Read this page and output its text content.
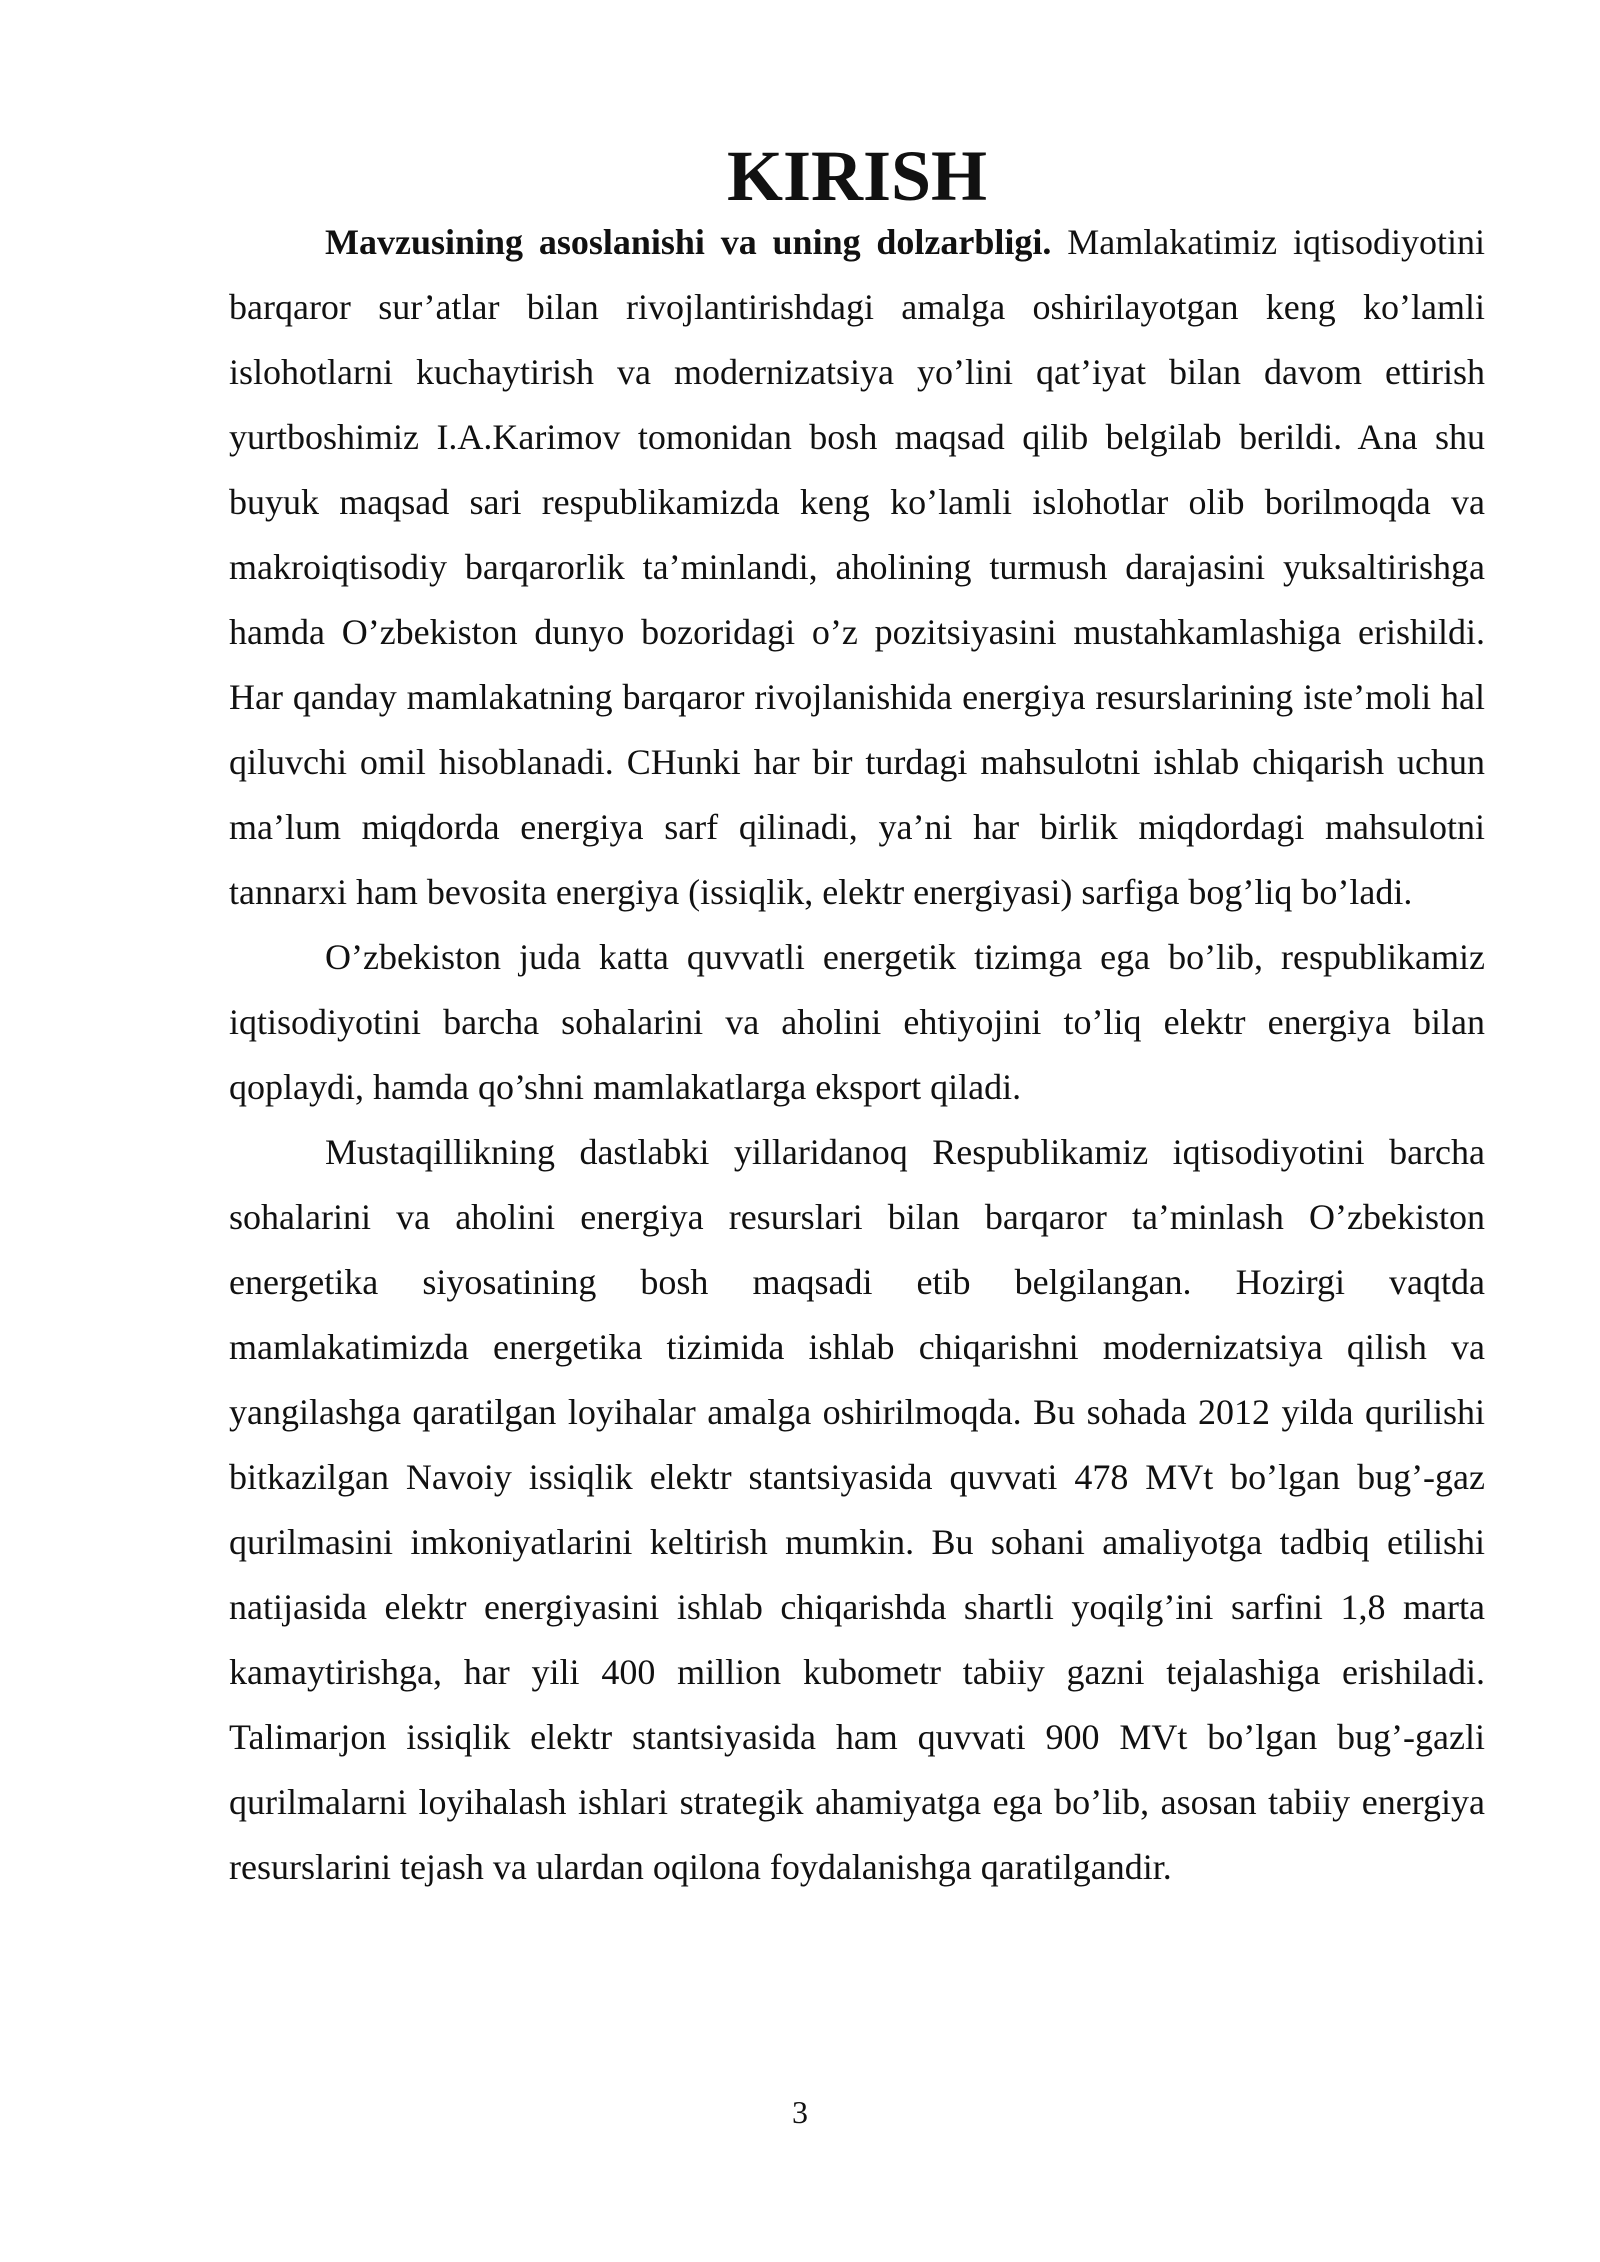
KIRISH

Mavzusining asoslanishi va uning dolzarbligi. Mamlakatimiz iqtisodiyotini barqaror sur’atlar bilan rivojlantirishdagi amalga oshirilayotgan keng ko’lamli islohotlarni kuchaytirish va modernizatsiya yo’lini qat’iyat bilan davom ettirish yurtboshimiz I.A.Karimov tomonidan bosh maqsad qilib belgilab berildi. Ana shu buyuk maqsad sari respublikamizda keng ko’lamli islohotlar olib borilmoqda va makroiqtisodiy barqarorlik ta’minlandi, aholining turmush darajasini yuksaltirishga hamda O’zbekiston dunyo bozoridagi o’z pozitsiyasini mustahkamlashiga erishildi. Har qanday mamlakatning barqaror rivojlanishida energiya resurslarining iste’moli hal qiluvchi omil hisoblanadi. CHunki har bir turdagi mahsulotni ishlab chiqarish uchun ma’lum miqdorda energiya sarf qilinadi, ya’ni har birlik miqdordagi mahsulotni tannarxi ham bevosita energiya (issiqlik, elektr energiyasi) sarfiga bog’liq bo’ladi.

O’zbekiston juda katta quvvatli energetik tizimga ega bo’lib, respublikamiz iqtisodiyotini barcha sohalarini va aholini ehtiyojini to’liq elektr energiya bilan qoplaydi, hamda qo’shni mamlakatlarga eksport qiladi.

Mustaqillikning dastlabki yillaridanoq Respublikamiz iqtisodiyotini barcha sohalarini va aholini energiya resurslari bilan barqaror ta’minlash O’zbekiston energetika siyosatining bosh maqsadi etib belgilangan. Hozirgi vaqtda mamlakatimizda energetika tizimida ishlab chiqarishni modernizatsiya qilish va yangilashga qaratilgan loyihalar amalga oshirilmoqda. Bu sohada 2012 yilda qurilishi bitkazilgan Navoiy issiqlik elektr stantsiyasida quvvati 478 MVt bo’lgan bug’-gaz qurilmasini imkoniyatlarini keltirish mumkin. Bu sohani amaliyotga tadbiq etilishi natijasida elektr energiyasini ishlab chiqarishda shartli yoqilg’ini sarfini 1,8 marta kamaytirishga, har yili 400 million kubometr tabiiy gazni tejalashiga erishiladi. Talimarjon issiqlik elektr stantsiyasida ham quvvati 900 MVt bo’lgan bug’-gazli qurilmalarni loyihalash ishlari strategik ahamiyatga ega bo’lib, asosan tabiiy energiya resurslarini tejash va ulardan oqilona foydalanishga qaratilgandir.

3
